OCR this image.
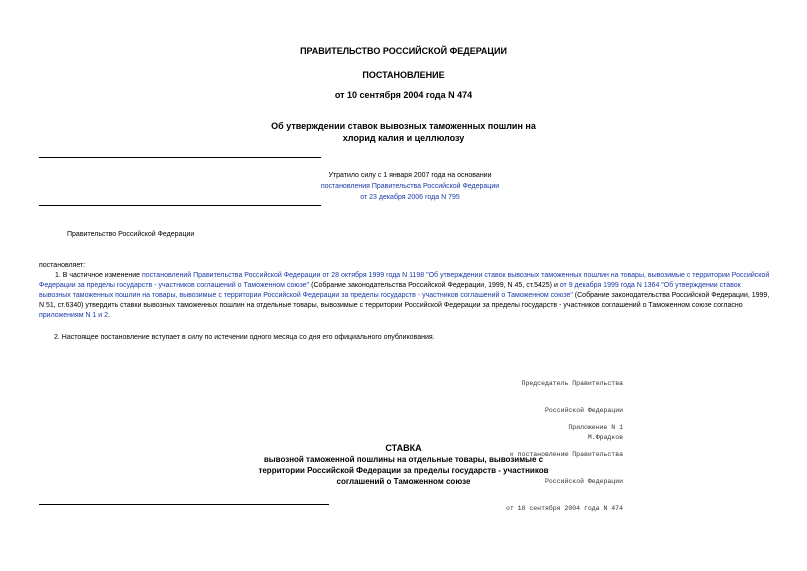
ПРАВИТЕЛЬСТВО РОССИЙСКОЙ ФЕДЕРАЦИИ
ПОСТАНОВЛЕНИЕ
от 10 сентября 2004 года N 474
Об утверждении ставок вывозных таможенных пошлин на
хлорид калия и целлюлозу
Утратило силу с 1 января 2007 года на основании
постановления Правительства Российской Федерации
от 23 декабря 2006 года N 795
Правительство Российской Федерации
постановляет:
1. В частичное изменение постановлений Правительства Российской Федерации от 28 октября 1999 года N 1198 "Об утверждении ставок вывозных таможенных пошлин на товары, вывозимые с территории Российской Федерации за пределы государств - участников соглашений о Таможенном союзе" (Собрание законодательства Российской Федерации, 1999, N 45, ст.5425) и от 9 декабря 1999 года N 1364 "Об утверждении ставок вывозных таможенных пошлин на товары, вывозимые с территории Российской Федерации за пределы государств - участников соглашений о Таможенном союзе" (Собрание законодательства Российской Федерации, 1999, N 51, ст.6340) утвердить ставки вывозных таможенных пошлин на отдельные товары, вывозимые с территории Российской Федерации за пределы государств - участников соглашений о Таможенном союзе согласно приложениям N 1 и 2.
2. Настоящее постановление вступает в силу по истечении одного месяца со дня его официального опубликования.

Председатель Правительства

Российской Федерации

М.Фрадков

Приложение N 1

к постановлению Правительства

Российской Федерации

от 10 сентября 2004 года N 474

СТАВКА
вывозной таможенной пошлины на отдельные товары, вывозимые с
территории Российской Федерации за пределы государств - участников
соглашений о Таможенном союзе
